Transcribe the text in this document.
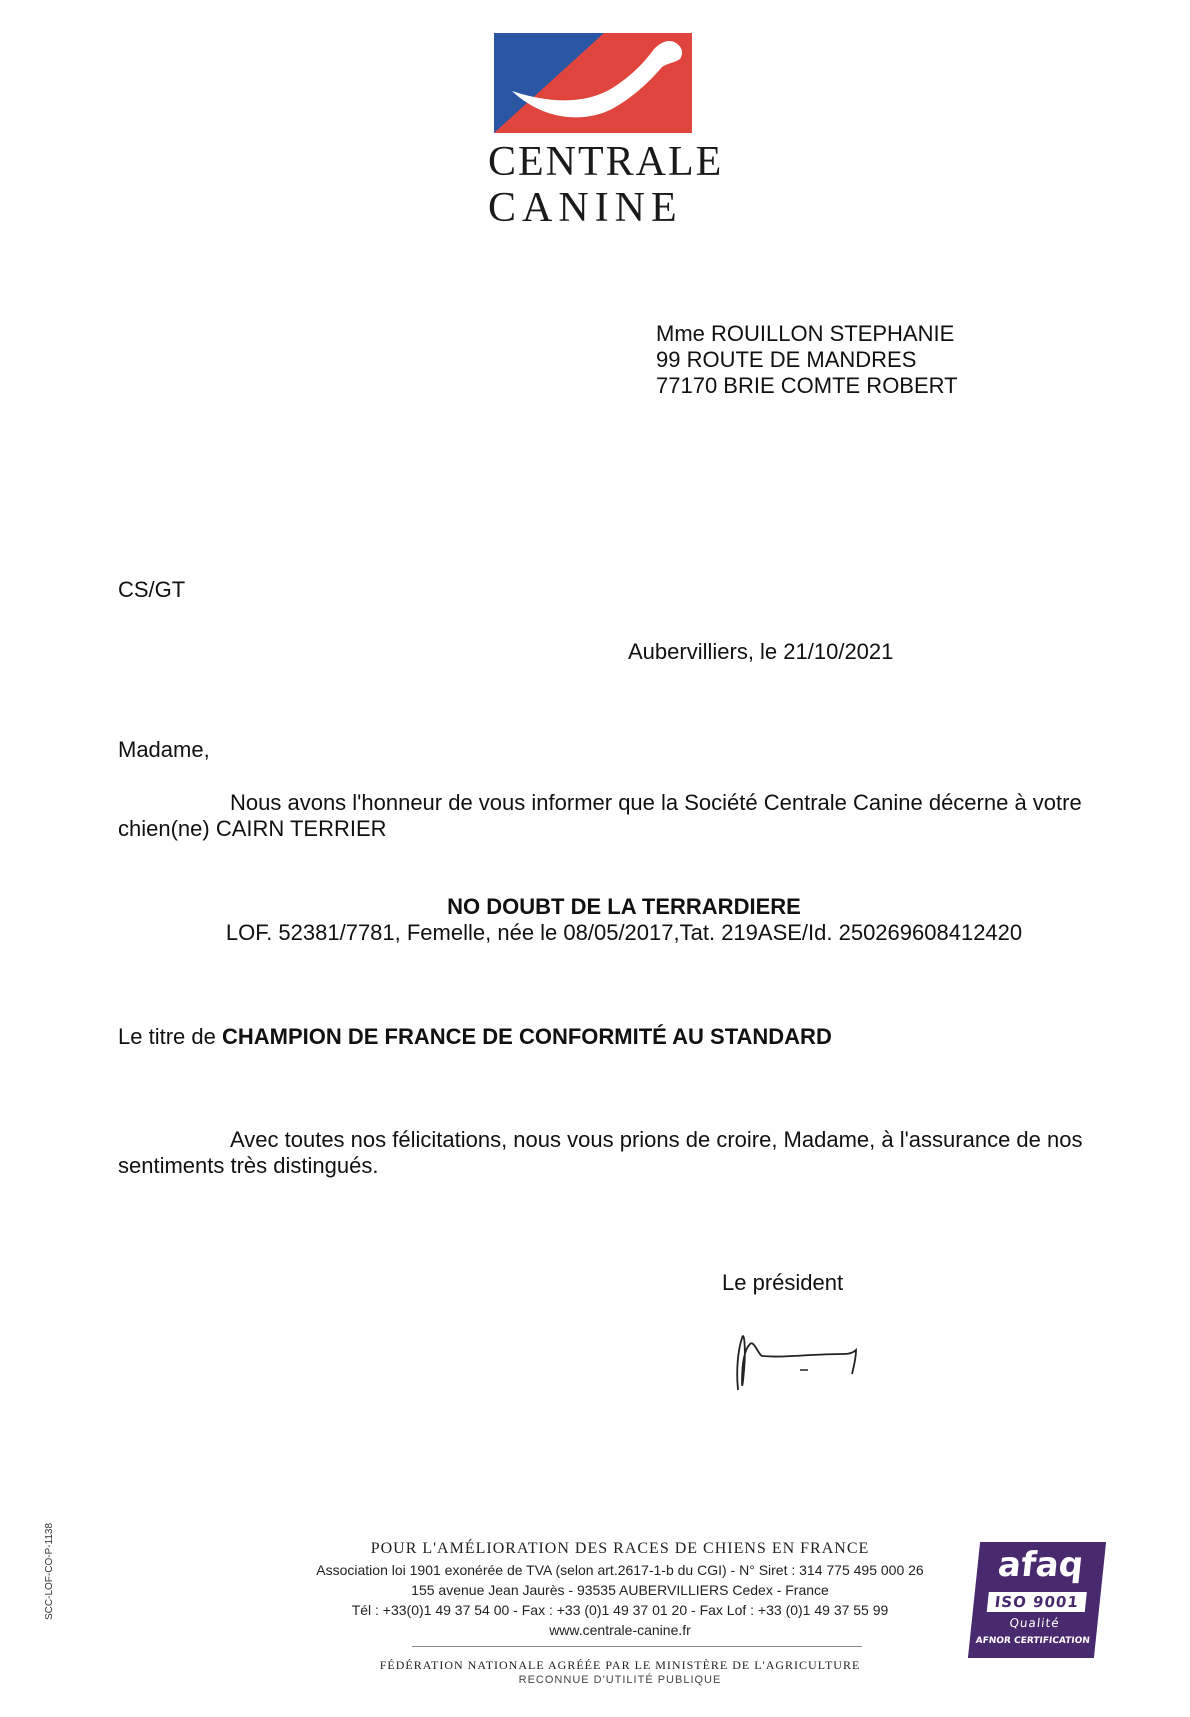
CENTRALE
CANINE
Mme ROUILLON STEPHANIE
99 ROUTE DE MANDRES
77170 BRIE COMTE ROBERT
CS/GT
Aubervilliers, le 21/10/2021
Madame,
Nous avons l'honneur de vous informer que la Société Centrale Canine décerne à votre
chien(ne) CAIRN TERRIER
NO DOUBT DE LA TERRARDIERE
LOF. 52381/7781, Femelle, née le 08/05/2017,Tat. 219ASE/Id. 250269608412420
Le titre de CHAMPION DE FRANCE DE CONFORMITÉ AU STANDARD
Avec toutes nos félicitations, nous vous prions de croire, Madame, à l'assurance de nos
sentiments très distingués.
Le président
POUR L'AMÉLIORATION DES RACES DE CHIENS EN FRANCE
Association loi 1901 exonérée de TVA (selon art.2617-1-b du CGI) - N° Siret : 314 775 495 000 26
155 avenue Jean Jaurès - 93535 AUBERVILLIERS Cedex - France
Tél : +33(0)1 49 37 54 00 - Fax : +33 (0)1 49 37 01 20 - Fax Lof : +33 (0)1 49 37 55 99
www.centrale-canine.fr
FÉDÉRATION NATIONALE AGRÉÉE PAR LE MINISTÈRE DE L'AGRICULTURE
RECONNUE D'UTILITÉ PUBLIQUE
SCC-LOF-CO-P-1138	afaq
ISO 9001
Qualité
AFNOR CERTIFICATION
